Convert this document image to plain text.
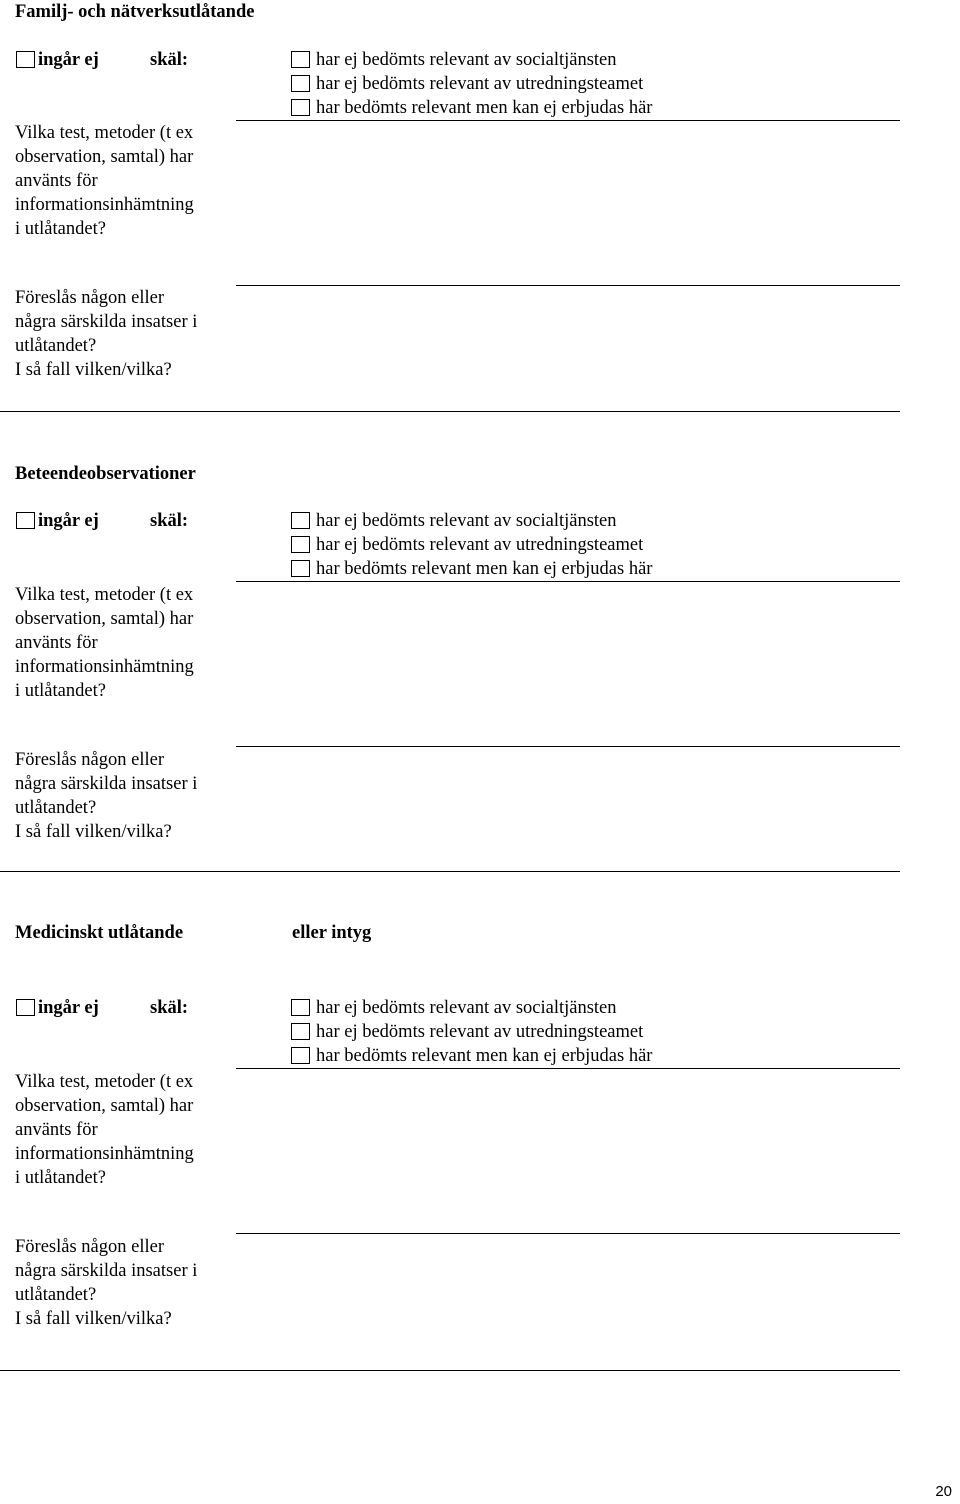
Familj- och nätverksutlåtande
ingår ej	skäl:	har ej bedömts relevant av socialtjänsten
har ej bedömts relevant av utredningsteamet
har bedömts relevant men kan ej erbjudas här
Vilka test, metoder (t ex
observation, samtal) har
använts för
informationsinhämtning
i utlåtandet?
Föreslås någon eller
några särskilda insatser i
utlåtandet?
I så fall vilken/vilka?
Beteendeobservationer
ingår ej	skäl:	har ej bedömts relevant av socialtjänsten
har ej bedömts relevant av utredningsteamet
har bedömts relevant men kan ej erbjudas här
Vilka test, metoder (t ex
observation, samtal) har
använts för
informationsinhämtning
i utlåtandet?
Föreslås någon eller
några särskilda insatser i
utlåtandet?
I så fall vilken/vilka?
Medicinskt utlåtande	eller intyg
ingår ej	skäl:	har ej bedömts relevant av socialtjänsten
har ej bedömts relevant av utredningsteamet
har bedömts relevant men kan ej erbjudas här
Vilka test, metoder (t ex
observation, samtal) har
använts för
informationsinhämtning
i utlåtandet?
Föreslås någon eller
några särskilda insatser i
utlåtandet?
I så fall vilken/vilka?
20
